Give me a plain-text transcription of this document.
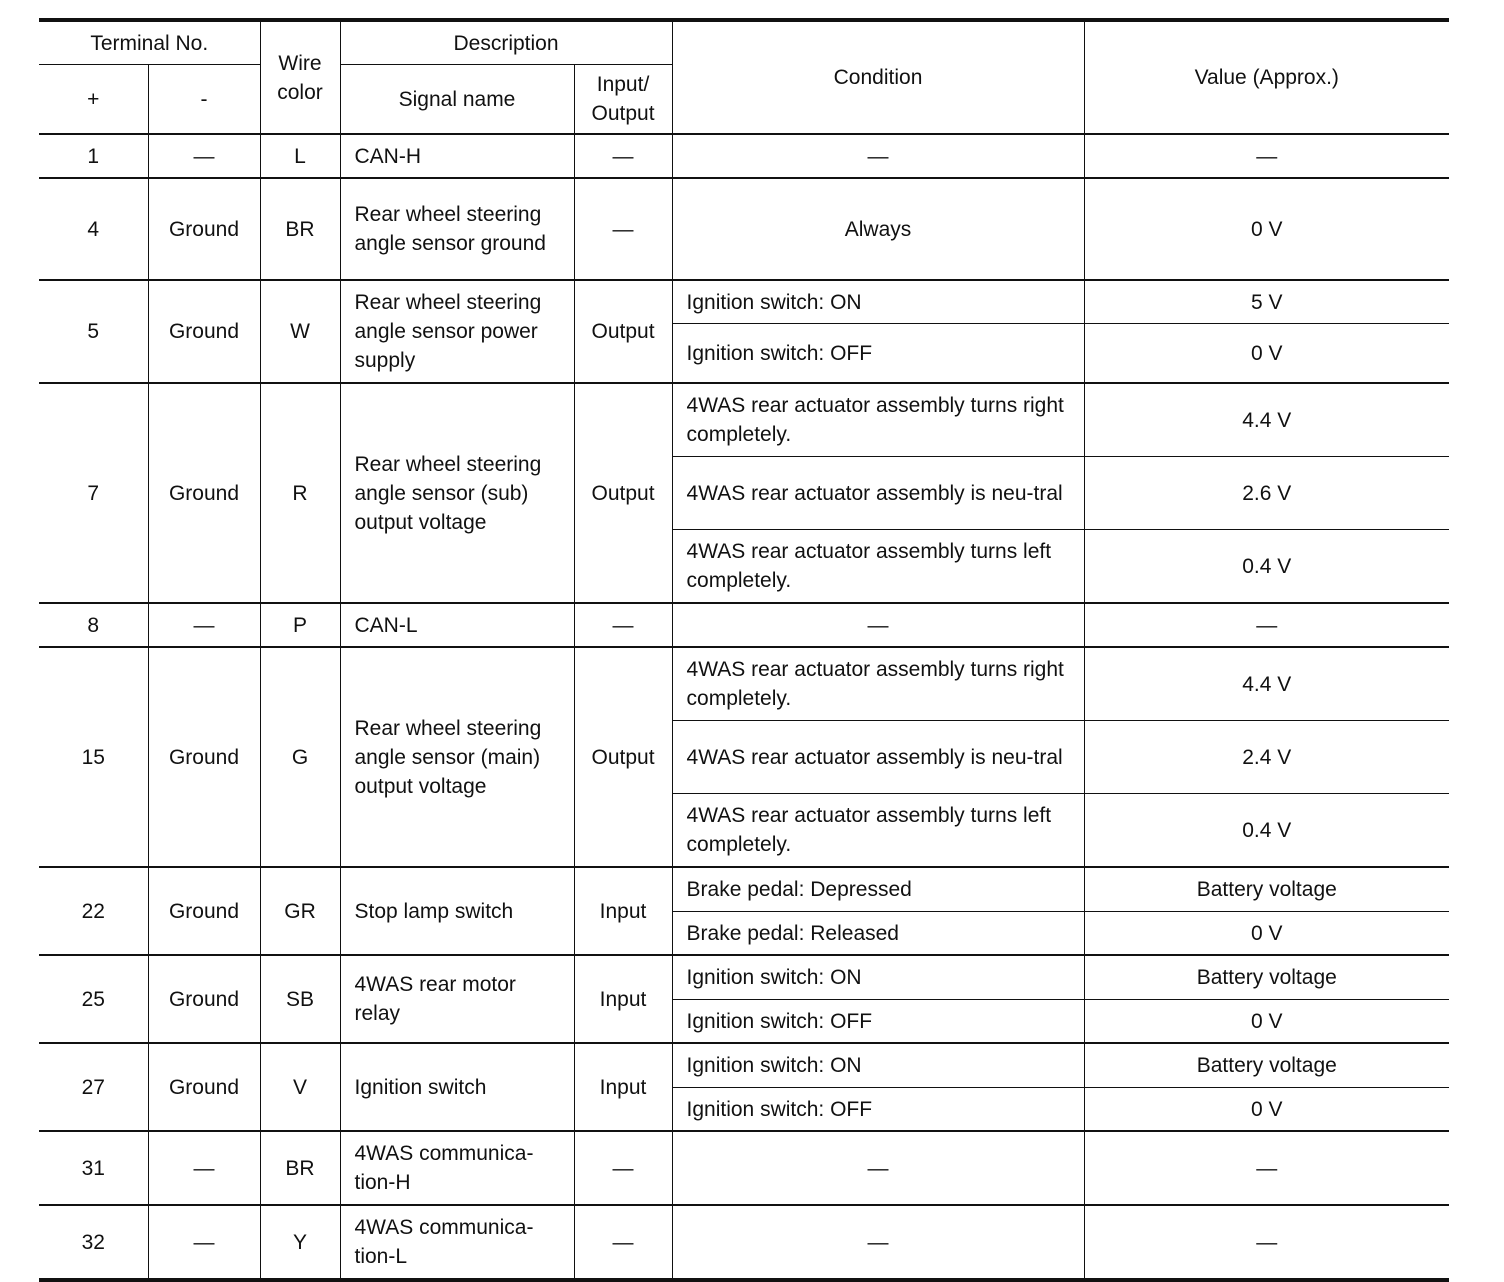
Terminal No.		Wire color	Description		Condition	Value (Approx.)
+	-		Signal name	Input/ Output		
1	—	L	CAN-H	—	—	—
4	Ground	BR	Rear wheel steering angle sensor ground	—	Always	0 V
5	Ground	W	Rear wheel steering angle sensor power supply	Output	Ignition switch: ON	5 V
					Ignition switch: OFF	0 V
7	Ground	R	Rear wheel steering angle sensor (sub) output voltage	Output	4WAS rear actuator assembly turns right completely.	4.4 V
					4WAS rear actuator assembly is neu-tral	2.6 V
					4WAS rear actuator assembly turns left completely.	0.4 V
8	—	P	CAN-L	—	—	—
15	Ground	G	Rear wheel steering angle sensor (main) output voltage	Output	4WAS rear actuator assembly turns right completely.	4.4 V
					4WAS rear actuator assembly is neu-tral	2.4 V
					4WAS rear actuator assembly turns left completely.	0.4 V
22	Ground	GR	Stop lamp switch	Input	Brake pedal: Depressed	Battery voltage
					Brake pedal: Released	0 V
25	Ground	SB	4WAS rear motor relay	Input	Ignition switch: ON	Battery voltage
					Ignition switch: OFF	0 V
27	Ground	V	Ignition switch	Input	Ignition switch: ON	Battery voltage
					Ignition switch: OFF	0 V
31	—	BR	4WAS communica-tion-H	—	—	—
32	—	Y	4WAS communica-tion-L	—	—	—
